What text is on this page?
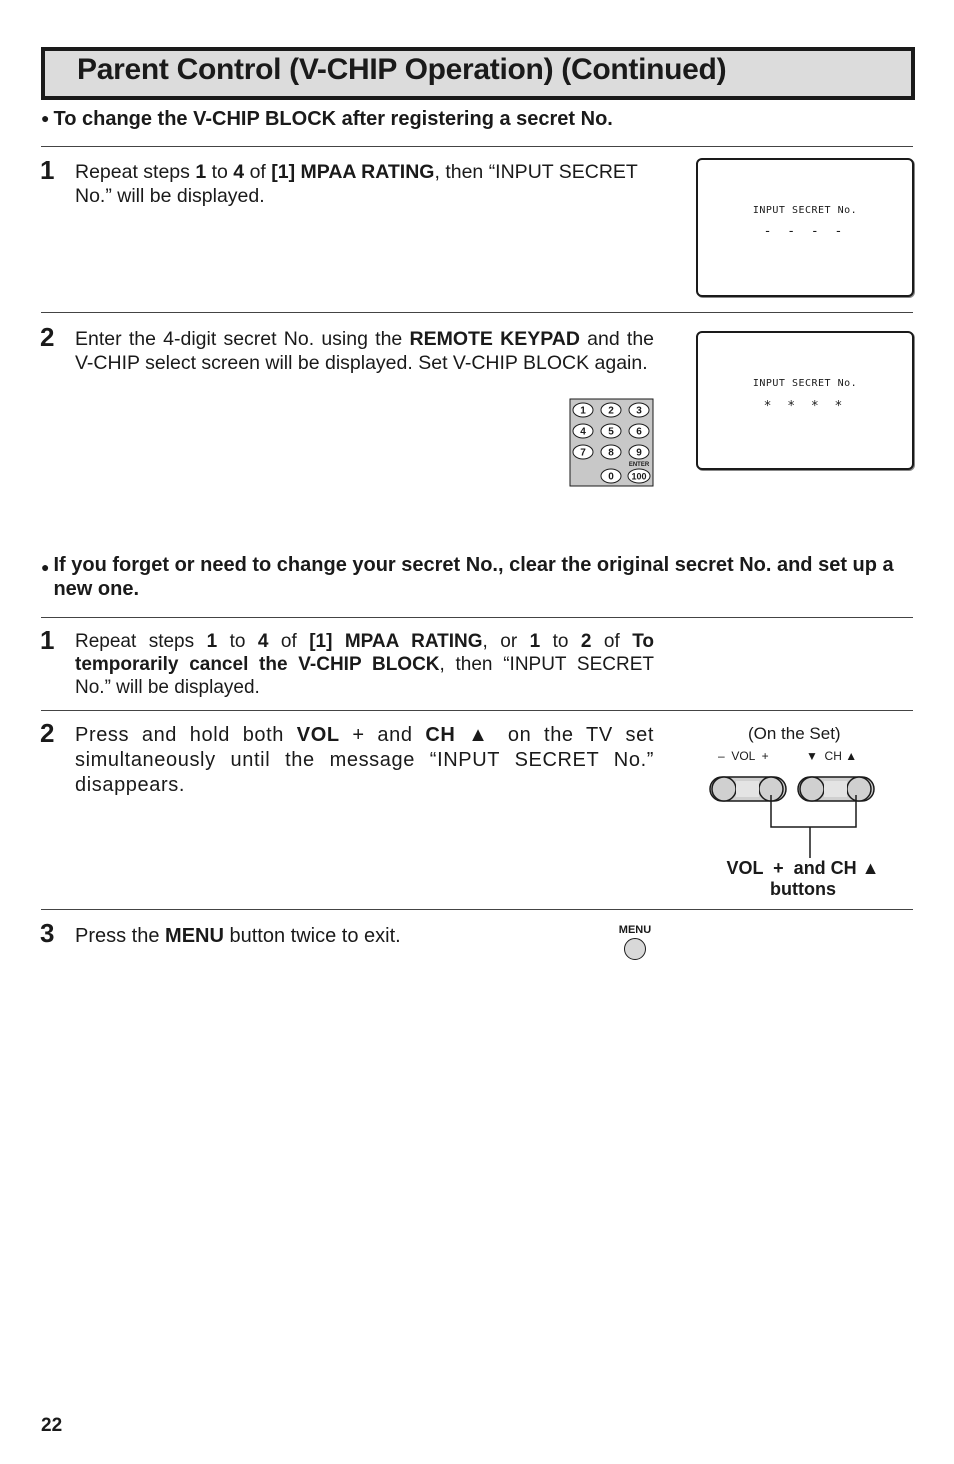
Parent Control (V-CHIP Operation) (Continued)
● To change the V-CHIP BLOCK after registering a secret No.
1 Repeat steps 1 to 4 of [1] MPAA RATING, then “INPUT SECRET No.” will be displayed.
INPUT SECRET No.
- - - -
2 Enter the 4-digit secret No. using the REMOTE KEYPAD and the V-CHIP select screen will be displayed. Set V-CHIP BLOCK again.
INPUT SECRET No.
* * * *
1 2 3
4 5 6
7 8 9
ENTER
0 100
● If you forget or need to change your secret No., clear the original secret No. and set up a new one.
1 Repeat steps 1 to 4 of [1] MPAA RATING, or 1 to 2 of To temporarily cancel the V-CHIP BLOCK, then “INPUT SECRET No.” will be displayed.
2 Press and hold both VOL + and CH ▲ on the TV set simultaneously until the message “INPUT SECRET No.” disappears.
(On the Set)
–  VOL  +	▼  CH ▲
VOL  +  and CH ▲
buttons
3 Press the MENU button twice to exit.	MENU
22
